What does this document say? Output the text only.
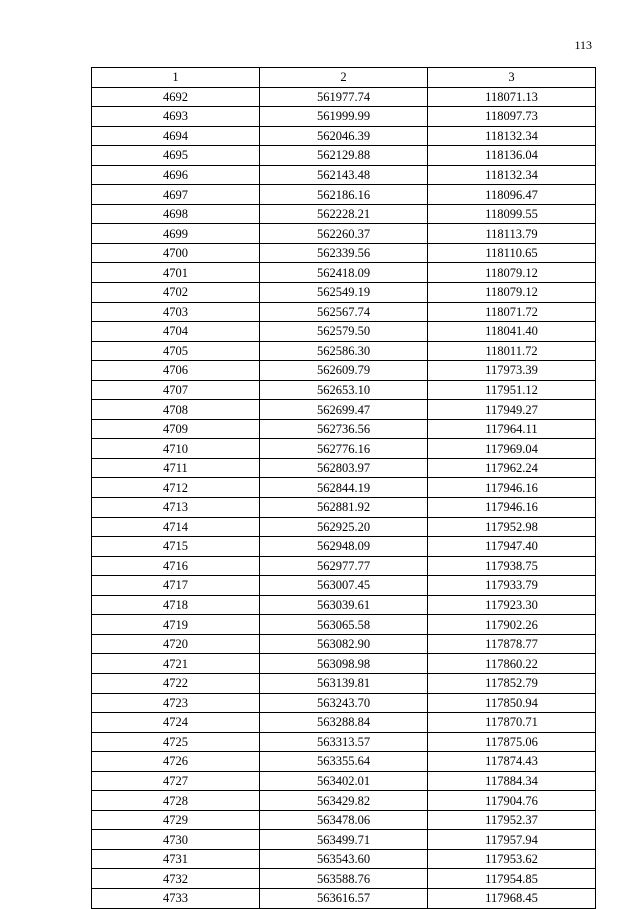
113
1	2	3
4692	561977.74	118071.13
4693	561999.99	118097.73
4694	562046.39	118132.34
4695	562129.88	118136.04
4696	562143.48	118132.34
4697	562186.16	118096.47
4698	562228.21	118099.55
4699	562260.37	118113.79
4700	562339.56	118110.65
4701	562418.09	118079.12
4702	562549.19	118079.12
4703	562567.74	118071.72
4704	562579.50	118041.40
4705	562586.30	118011.72
4706	562609.79	117973.39
4707	562653.10	117951.12
4708	562699.47	117949.27
4709	562736.56	117964.11
4710	562776.16	117969.04
4711	562803.97	117962.24
4712	562844.19	117946.16
4713	562881.92	117946.16
4714	562925.20	117952.98
4715	562948.09	117947.40
4716	562977.77	117938.75
4717	563007.45	117933.79
4718	563039.61	117923.30
4719	563065.58	117902.26
4720	563082.90	117878.77
4721	563098.98	117860.22
4722	563139.81	117852.79
4723	563243.70	117850.94
4724	563288.84	117870.71
4725	563313.57	117875.06
4726	563355.64	117874.43
4727	563402.01	117884.34
4728	563429.82	117904.76
4729	563478.06	117952.37
4730	563499.71	117957.94
4731	563543.60	117953.62
4732	563588.76	117954.85
4733	563616.57	117968.45
